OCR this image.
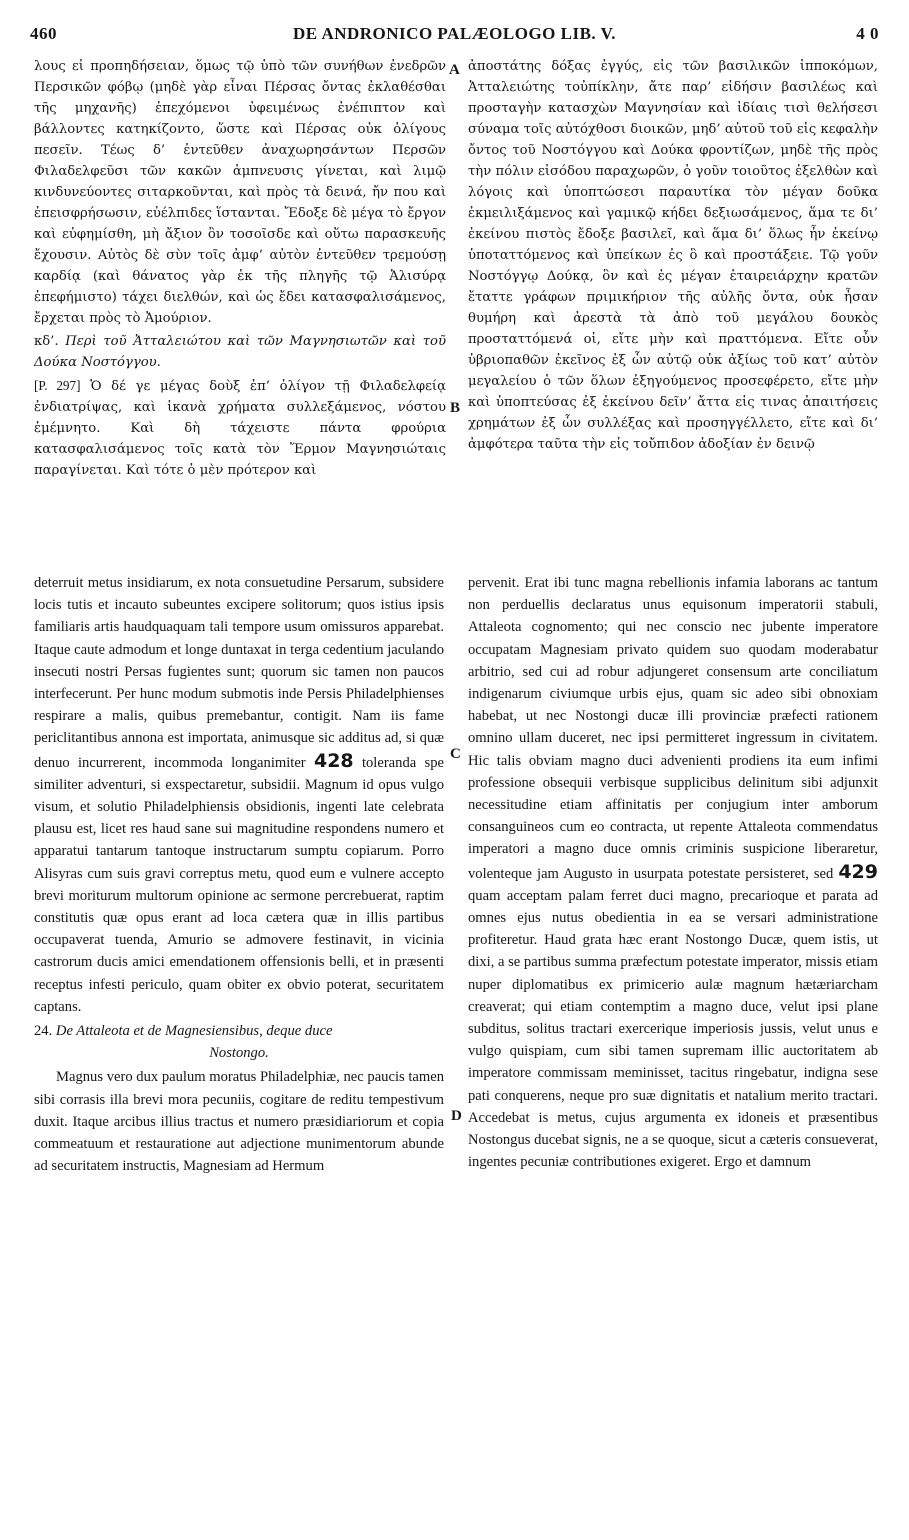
460	DE ANDRONICO PALÆOLOGO LIB. V.	4 0
A
B
C
D

λους εἰ προπηδήσειαν, ὅμως τῷ ὑπὸ τῶν συνήθων ἐνεδρῶν Περσικῶν φόβῳ (μηδὲ γὰρ εἶναι Πέρσας ὄντας ἐκλαθέσθαι τῆς μηχανῆς) ἐπεχόμενοι ὑφειμένως ἐνέπιπτον καὶ βάλλοντες κατηκίζοντο, ὥστε καὶ Πέρσας οὐκ ὀλίγους πεσεῖν. Τέως δ’ ἐντεῦθεν ἀναχωρησάντων Περσῶν Φιλαδελφεῦσι τῶν κακῶν ἀμπνευσις γίνεται, καὶ λιμῷ κινδυνεύοντες σιταρκοῦνται, καὶ πρὸς τὰ δεινά, ἤν που καὶ ἐπεισφρήσωσιν, εὐέλπιδες ἵστανται. Ἔδοξε δὲ μέγα τὸ ἔργον καὶ εὐφημίσθη, μὴ ἄξιον ὂν τοσοῖσδε καὶ οὕτω παρασκευῆς ἔχουσιν. Αὐτὸς δὲ σὺν τοῖς ἀμφ’ αὐτὸν ἐντεῦθεν τρεμούσῃ καρδίᾳ (καὶ θάνατος γὰρ ἐκ τῆς πληγῆς τῷ Ἀλισύρᾳ ἐπεφήμιστο) τάχει διελθών, καὶ ὡς ἔδει κατασφαλισάμενος, ἔρχεται πρὸς τὸ Ἀμούριον.

κδ’. Περὶ τοῦ Ἀτταλειώτου καὶ τῶν Μαγνησιωτῶν καὶ τοῦ Δούκα Νοστόγγου.

[P. 297] Ὁ δέ γε μέγας δοὺξ ἐπ’ ὀλίγον τῇ Φιλαδελφείᾳ ἐνδιατρίψας, καὶ ἱκανὰ χρήματα συλλεξάμενος, νόστου ἐμέμνητο. Καὶ δὴ τάχειστε πάντα φρούρια κατασφαλισάμενος τοῖς κατὰ τὸν Ἕρμον Μαγνησιώταις παραγίνεται. Καὶ τότε ὁ μὲν πρότερον καὶ

ἀποστάτης δόξας ἐγγύς, εἰς τῶν βασιλικῶν ἱπποκόμων, Ἀτταλειώτης τοὐπίκλην, ἄτε παρ’ εἰδήσιν βασιλέως καὶ προσταγὴν κατασχὼν Μαγνησίαν καὶ ἰδίαις τισὶ θελήσεσι σύναμα τοῖς αὐτόχθοσι διοικῶν, μηδ’ αὐτοῦ τοῦ εἰς κεφαλὴν ὄντος τοῦ Νοστόγγου καὶ Δούκα φροντίζων, μηδὲ τῆς πρὸς τὴν πόλιν εἰσόδου παραχωρῶν, ὁ γοῦν τοιοῦτος ἐξελθὼν καὶ λόγοις καὶ ὑποπτώσεσι παραυτίκα τὸν μέγαν δοῦκα ἐκμειλιξάμενος καὶ γαμικῷ κήδει δεξιωσάμενος, ἅμα τε δι’ ἐκείνου πιστὸς ἔδοξε βασιλεῖ, καὶ ἅμα δι’ ὅλως ἦν ἐκείνῳ ὑποταττόμενος καὶ ὑπείκων ἐς ὃ καὶ προστάξειε. Τῷ γοῦν Νοστόγγῳ Δούκᾳ, ὃν καὶ ἐς μέγαν ἑταιρειάρχην κρατῶν ἔταττε γράφων πριμικήριον τῆς αὐλῆς ὄντα, οὐκ ἦσαν θυμήρη καὶ ἀρεστὰ τὰ ἀπὸ τοῦ μεγάλου δουκὸς προσταττόμενά οἱ, εἴτε μὴν καὶ πραττόμενα. Εἴτε οὖν ὑβριοπαθῶν ἐκεῖνος ἐξ ὧν αὐτῷ οὐκ ἀξίως τοῦ κατ’ αὐτὸν μεγαλείου ὁ τῶν ὅλων ἐξηγούμενος προσεφέρετο, εἴτε μὴν καὶ ὑποπτεύσας ἐξ ἐκείνου δεῖν’ ἄττα εἰς τινας ἀπαιτήσεις χρημάτων ἐξ ὧν συλλέξας καὶ προσηγγέλλετο, εἴτε καὶ δι’ ἀμφότερα ταῦτα τὴν εἰς τοὔπιδον ἀδοξίαν ἐν δεινῷ

deterruit metus insidiarum, ex nota consuetudine Persarum, subsidere locis tutis et incauto subeuntes excipere solitorum; quos istius ipsis familiaris artis haudquaquam tali tempore usum omissuros apparebat. Itaque caute admodum et longe duntaxat in terga cedentium jaculando insecuti nostri Persas fugientes sunt; quorum sic tamen non paucos interfecerunt. Per hunc modum submotis inde Persis Philadelphienses respirare a malis, quibus premebantur, contigit. Nam iis fame periclitantibus annona est importata, animusque sic additus ad, si quæ denuo incurrerent, incommoda longanimiter 428 toleranda spe similiter adventuri, si exspectaretur, subsidii. Magnum id opus vulgo visum, et solutio Philadelphiensis obsidionis, ingenti late celebrata plausu est, licet res haud sane sui magnitudine respondens numero et apparatui tantarum tantoque instructarum sumptu copiarum. Porro Alisyras cum suis gravi correptus metu, quod eum e vulnere accepto brevi moriturum multorum opinione ac sermone percrebuerat, raptim constitutis quæ opus erant ad loca cætera quæ in illis partibus occupaverat tuenda, Amurio se admovere festinavit, in vicinia castrorum ducis amici emendationem offensionis belli, et in præsenti receptus infesti periculo, quam obiter ex obvio poterat, securitatem captans.

24. De Attaleota et de Magnesiensibus, deque duce
Nostongo.

Magnus vero dux paulum moratus Philadelphiæ, nec paucis tamen sibi corrasis illa brevi mora pecuniis, cogitare de reditu tempestivum duxit. Itaque arcibus illius tractus et numero præsidiariorum et copia commeatuum et restauratione aut adjectione munimentorum abunde ad securitatem instructis, Magnesiam ad Hermum

pervenit. Erat ibi tunc magna rebellionis infamia laborans ac tantum non perduellis declaratus unus equisonum imperatorii stabuli, Attaleota cognomento; qui nec conscio nec jubente imperatore occupatam Magnesiam privato quidem suo quodam moderabatur arbitrio, sed cui ad robur adjungeret consensum arte conciliatum indigenarum civiumque urbis ejus, quam sic adeo sibi obnoxiam habebat, ut nec Nostongi ducæ illi provinciæ præfecti rationem omnino ullam duceret, nec ipsi permitteret ingressum in civitatem. Hic talis obviam magno duci advenienti prodiens ita eum infimi professione obsequii verbisque supplicibus delinitum sibi adjunxit necessitudine etiam affinitatis per conjugium inter amborum consanguineos cum eo contracta, ut repente Attaleota commendatus imperatori a magno duce omnis criminis suspicione liberaretur, volenteque jam Augusto in usurpata potestate persisteret, sed 429 quam acceptam palam ferret duci magno, precarioque et parata ad omnes ejus nutus obedientia in ea se versari administratione profiteretur. Haud grata hæc erant Nostongo Ducæ, quem istis, ut dixi, a se partibus summa præfectum potestate imperator, missis etiam nuper diplomatibus ex primicerio aulæ magnum hætæriarcham creaverat; qui etiam contemptim a magno duce, velut ipsi plane subditus, solitus tractari exercerique imperiosis jussis, velut unus e vulgo quispiam, cum sibi tamen supremam illic auctoritatem ab imperatore commissam meminisset, tacitus ringebatur, indigna sese pati conquerens, neque pro suæ dignitatis et natalium merito tractari. Accedebat is metus, cujus argumenta ex idoneis et præsentibus Nostongus ducebat signis, ne a se quoque, sicut a cæteris consueverat, ingentes pecuniæ contributiones exigeret. Ergo et damnum
